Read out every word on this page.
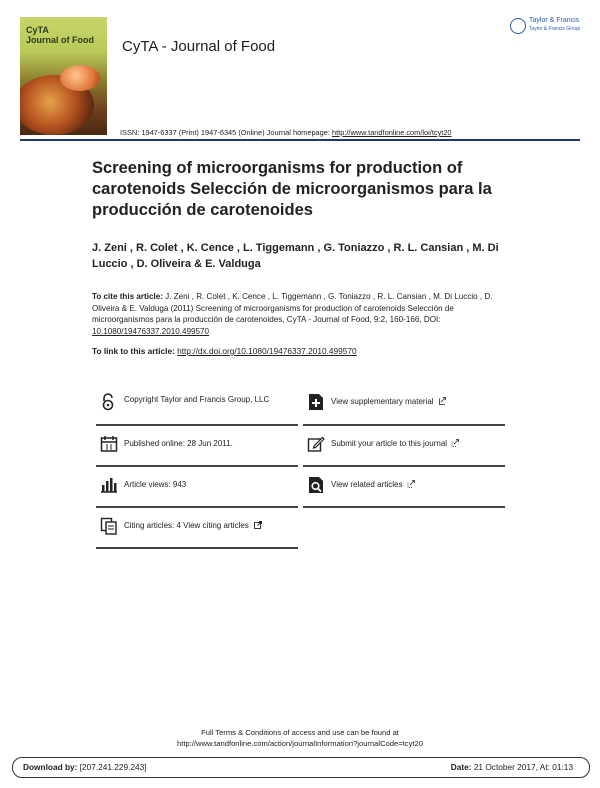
CyTA
Journal of Food	CyTA - Journal of Food
Taylor & Francis
Taylor & Francis Group
ISSN: 1947-6337 (Print) 1947-6345 (Online) Journal homepage: http://www.tandfonline.com/loi/tcyt20
Screening of microorganisms for production of carotenoids Selección de microorganismos para la producción de carotenoides
J. Zeni , R. Colet , K. Cence , L. Tiggemann , G. Toniazzo , R. L. Cansian , M. Di Luccio , D. Oliveira & E. Valduga
To cite this article: J. Zeni , R. Colet , K. Cence , L. Tiggemann , G. Toniazzo , R. L. Cansian , M. Di Luccio , D. Oliveira & E. Valduga (2011) Screening of microorganisms for production of carotenoids Selección de microorganismos para la producción de carotenoides, CyTA - Journal of Food, 9:2, 160-166, DOI: 10.1080/19476337.2010.499570
To link to this article: http://dx.doi.org/10.1080/19476337.2010.499570
Copyright Taylor and Francis Group, LLC
Published online: 28 Jun 2011.
Article views: 943
Citing articles: 4 View citing articles
View supplementary material
Submit your article to this journal
View related articles
Full Terms & Conditions of access and use can be found at
http://www.tandfonline.com/action/journalInformation?journalCode=tcyt20
Download by: [207.241.229.243]	Date: 21 October 2017, At: 01:13
